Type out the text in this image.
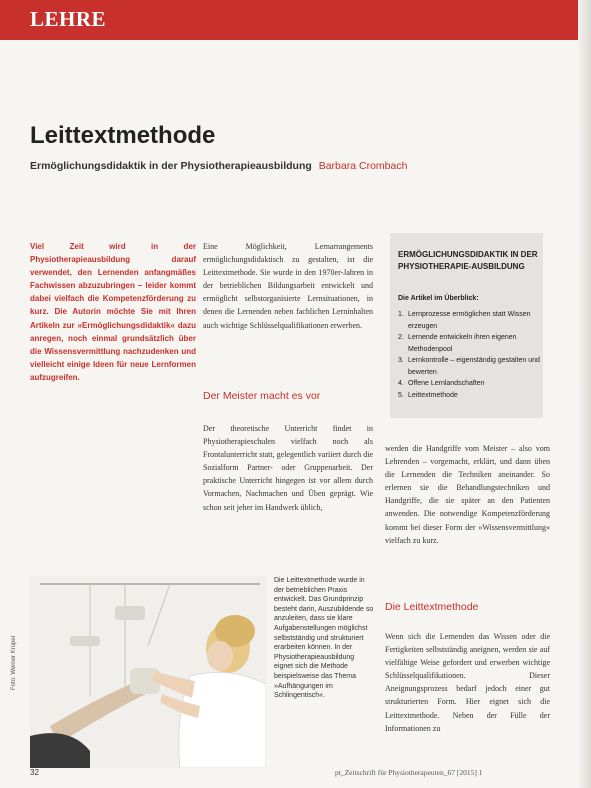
LEHRE
Leittextmethode
Ermöglichungsdidaktik in der Physiotherapieausbildung Barbara Crombach

Viel Zeit wird in der Physiotherapieausbildung darauf verwendet, den Lernenden anfangmäßes Fachwissen abzuzubringen – leider kommt dabei vielfach die Kompetenzförderung zu kurz. Die Autorin möchte Sie mit Ihren Artikeln zur »Ermöglichungsdidaktik« dazu anregen, noch einmal grundsätzlich über die Wissensvermittlung nachzudenken und vielleicht einige Ideen für neue Lernformen aufzugreifen.

Eine Möglichkeit, Lernarrangements ermöglichungsdidaktisch zu gestalten, ist die Leittextmethode. Sie wurde in den 1970er-Jahren in der betrieblichen Bildungsarbeit entwickelt und ermöglicht selbstorganisierte Lernsituationen, in denen die Lernenden neben fachlichen Lerninhalten auch wichtige Schlüsselqualifikationen erwerben.

Der Meister macht es vor

Der theoretische Unterricht findet in Physiotherapieschulen vielfach noch als Frontalunterricht statt, gelegentlich variiert durch die Sozialform Partner- oder Gruppenarbeit. Der praktische Unterricht hingegen ist vor allem durch Vormachen, Nachmachen und Üben geprägt. Wie schon seit jeher im Handwerk üblich,

ERMÖGLICHUNGSDIDAKTIK IN DER PHYSIOTHERAPIE-AUSBILDUNG
Die Artikel im Überblick:
1. Lernprozesse ermöglichen statt Wissen erzeugen
2. Lernende entwickeln ihren eigenen Methodenpool
3. Lernkontrolle – eigenständig gestalten und bewerten
4. Offene Lernlandschaften
5. Leittextmethode

werden die Handgriffe vom Meister – also vom Lehrenden – vorgemacht, erklärt, und dann üben die Lernenden die Techniken aneinander. So erlernen sie die Behandlungstechniken und Handgriffe, die sie später an den Patienten anwenden. Die notwendige Kompetenzförderung kommt bei dieser Form der »Wissensvermittlung« vielfach zu kurz.

Die Leittextmethode

Wenn sich die Lernenden das Wissen oder die Fertigkeiten selbstständig aneignen, werden sie auf vielfältige Weise gefordert und erwerben wichtige Schlüsselqualifikationen. Dieser Aneignungsprozess bedarf jedoch einer gut strukturierten Form. Hier eignet sich die Leittextmethode. Neben der Fülle der Informationen zu

Foto: Werner Krüper
Die Leittextmethode wurde in der betrieblichen Praxis entwickelt. Das Grundprinzip besteht darin, Auszubildende so anzuleiten, dass sie klare Aufgabenstellungen möglichst selbstständig und strukturiert erarbeiten können. In der Physiotherapieausbildung eignet sich die Methode beispielsweise das Thema »Aufhängungen im Schlingentisch«.
32	pt_Zeitschrift für Physiotherapeuten_67 [2015] 1
